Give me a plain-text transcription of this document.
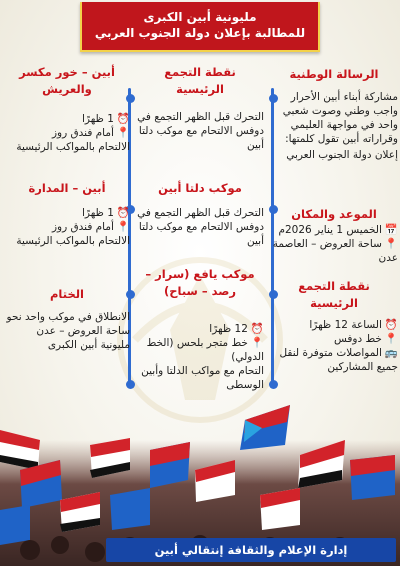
مليونية أبين الكبرى
للمطالبة بإعلان دولة الجنوب العربي
الرسالة الوطنية
مشاركة أبناء أبين الأحرار واجب وطني وصوت شعبي واحد في مواجهة العليمي وقراراته أبين تقول كلمتها:
إعلان دولة الجنوب العربي
الموعد والمكان
📅الخميس 1 يناير 2026م
📍ساحة العروض – العاصمة عدن
نقطة التجمع
الرئيسية
⏰الساعة 12 ظهرًا
📍خط دوفس
🚌المواصلات متوفرة لنقل جميع المشاركين
نقطة التجمع
الرئيسية
التحرك قبل الظهر التجمع في دوفس الالتحام مع موكب دلتا أبين
موكب دلتا أبين
التحرك قبل الظهر التجمع في دوفس الالتحام مع موكب دلتا أبين
موكب يافع (سرار –
رصد – سباح)
⏰12 ظهرًا
📍خط متجر بلحس (الخط الدولي)
التحام مع مواكب الدلتا وأبين الوسطى
أبين – خور مكسر
والعريش
⏰1 ظهرًا
📍أمام فندق روز
الالتحام بالمواكب الرئيسية
أبين – المدارة
⏰1 ظهرًا
📍أمام فندق روز
الالتحام بالمواكب الرئيسية
الختام
الانطلاق في موكب واحد نحو ساحة العروض – عدن مليونية أبين الكبرى
إدارة الإعلام والثقافة إنتقالي أبين
